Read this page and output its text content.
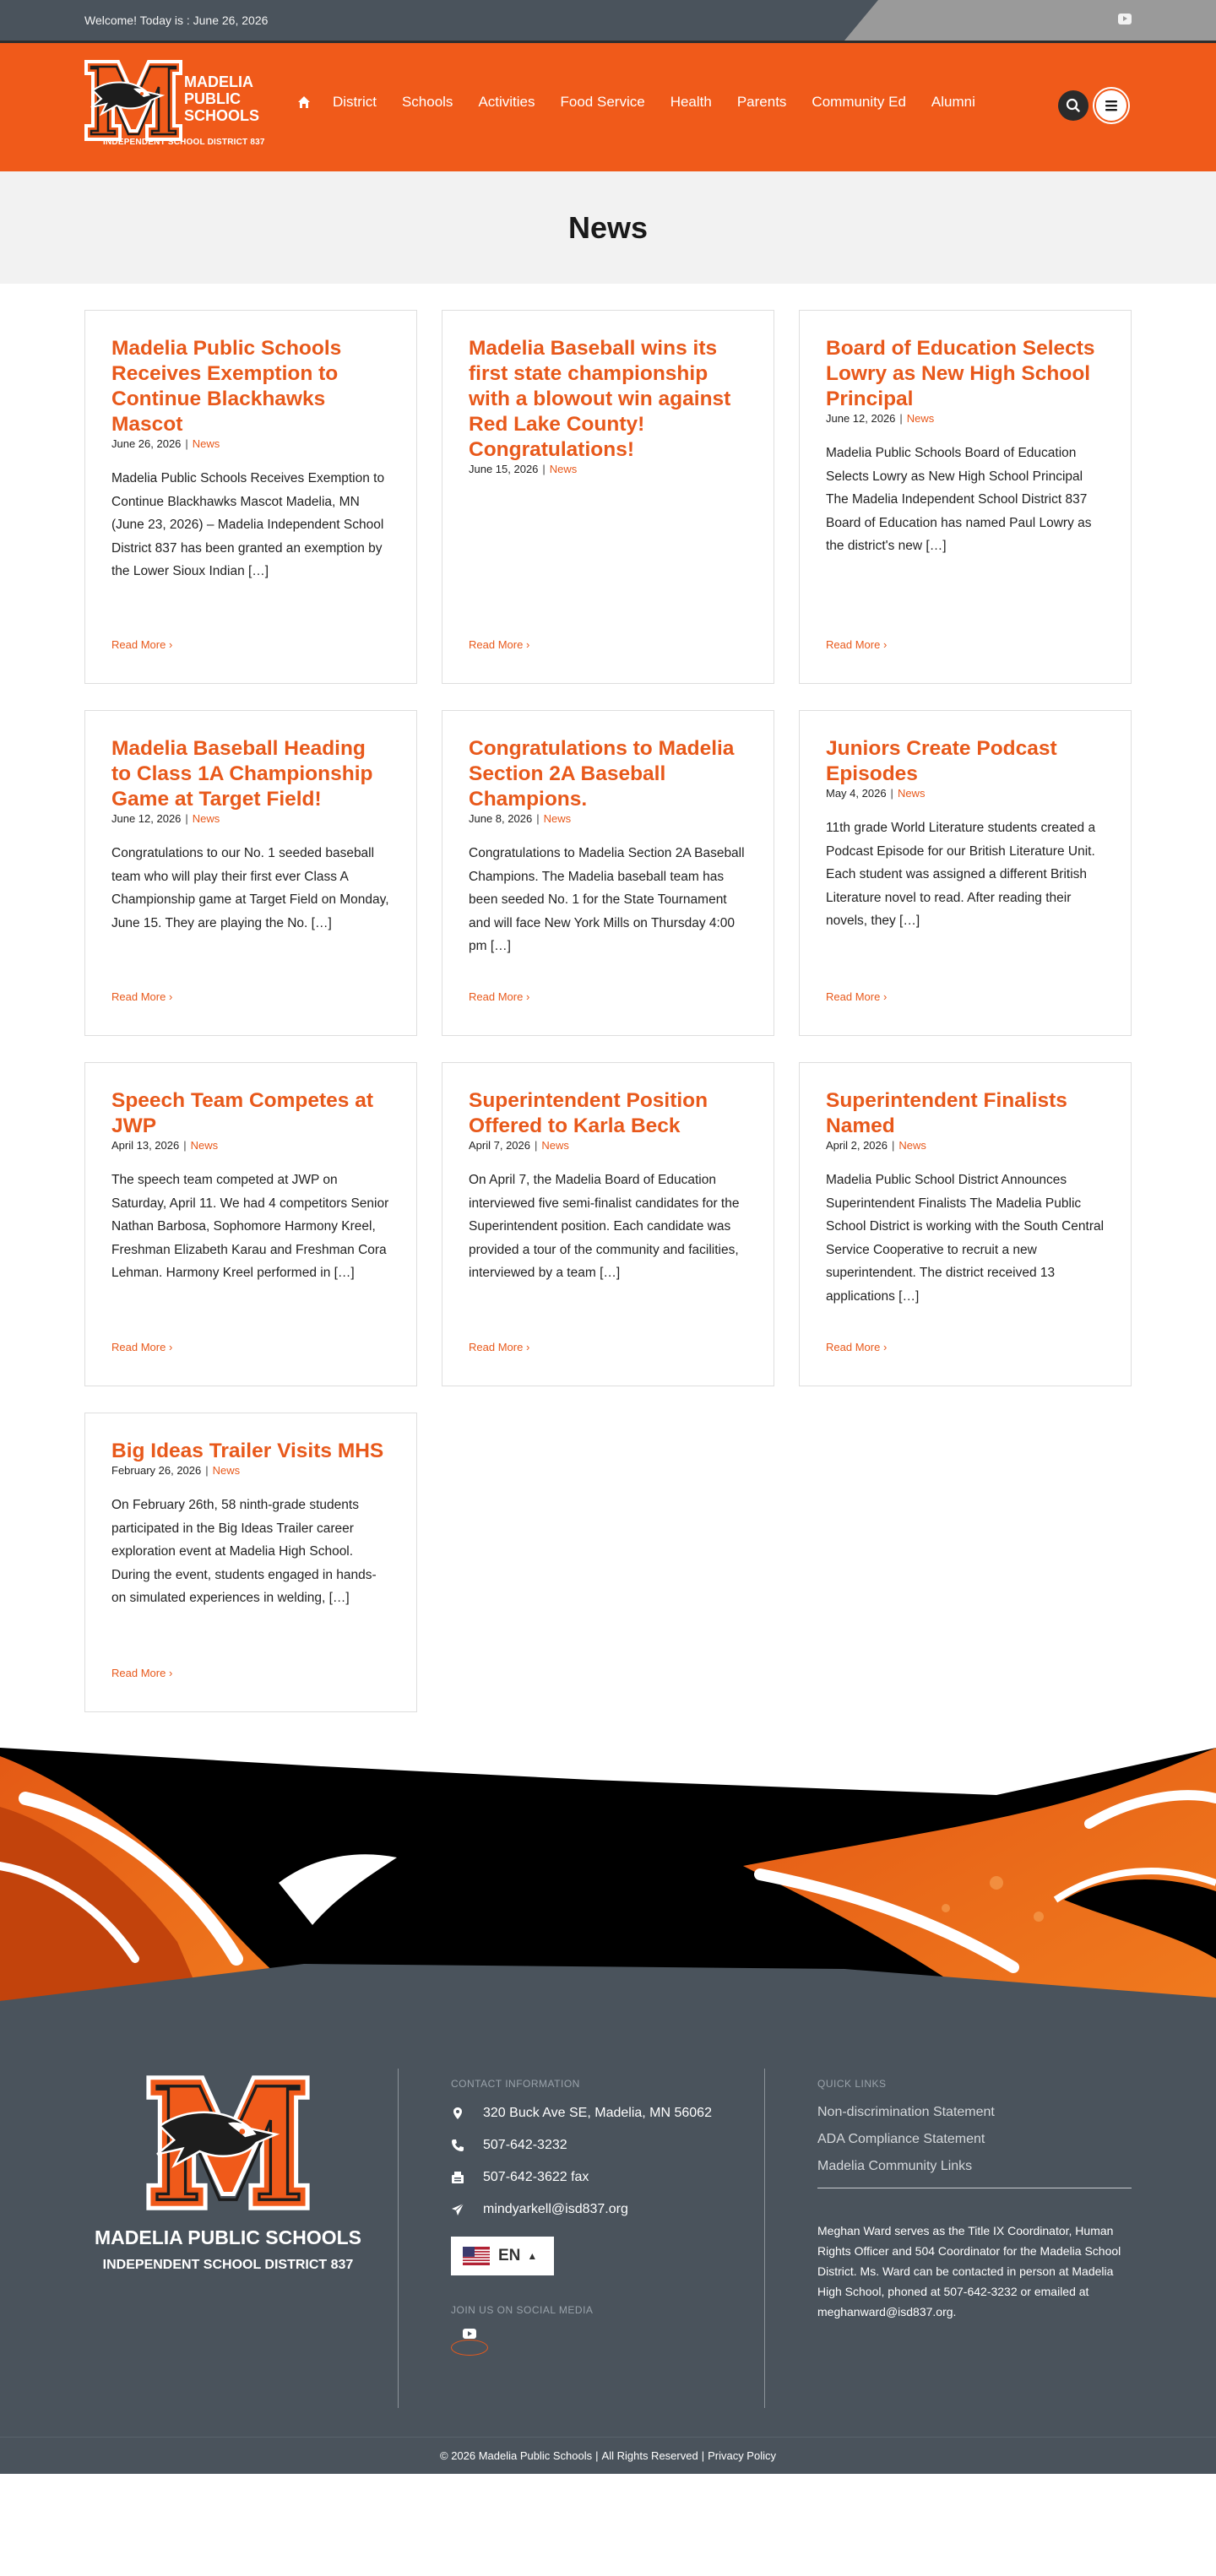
Welcome! Today is : June 26, 2026
MADELIA
PUBLIC
SCHOOLS
INDEPENDENT SCHOOL DISTRICT 837
District Schools Activities Food Service Health Parents Community Ed Alumni
News
Madelia Public Schools Receives Exemption to Continue Blackhawks Mascot
June 26, 2026 | News
Madelia Public Schools Receives Exemption to Continue Blackhawks Mascot Madelia, MN (June 23, 2026) – Madelia Independent School District 837 has been granted an exemption by the Lower Sioux Indian […]
Read More ›
Madelia Baseball wins its first state championship with a blowout win against Red Lake County! Congratulations!
June 15, 2026 | News
Read More ›
Board of Education Selects Lowry as New High School Principal
June 12, 2026 | News
Madelia Public Schools Board of Education Selects Lowry as New High School Principal The Madelia Independent School District 837 Board of Education has named Paul Lowry as the district's new […]
Read More ›
Madelia Baseball Heading to Class 1A Championship Game at Target Field!
June 12, 2026 | News
Congratulations to our No. 1 seeded baseball team who will play their first ever Class A Championship game at Target Field on Monday, June 15. They are playing the No. […]
Read More ›
Congratulations to Madelia Section 2A Baseball Champions.
June 8, 2026 | News
Congratulations to Madelia Section 2A Baseball Champions. The Madelia baseball team has been seeded No. 1 for the State Tournament and will face New York Mills on Thursday 4:00 pm […]
Read More ›
Juniors Create Podcast Episodes
May 4, 2026 | News
11th grade World Literature students created a Podcast Episode for our British Literature Unit. Each student was assigned a different British Literature novel to read. After reading their novels, they […]
Read More ›
Speech Team Competes at JWP
April 13, 2026 | News
The speech team competed at JWP on Saturday, April 11. We had 4 competitors Senior Nathan Barbosa, Sophomore Harmony Kreel, Freshman Elizabeth Karau and Freshman Cora Lehman. Harmony Kreel performed in […]
Read More ›
Superintendent Position Offered to Karla Beck
April 7, 2026 | News
On April 7, the Madelia Board of Education interviewed five semi-finalist candidates for the Superintendent position. Each candidate was provided a tour of the community and facilities, interviewed by a team […]
Read More ›
Superintendent Finalists Named
April 2, 2026 | News
Madelia Public School District Announces Superintendent Finalists The Madelia Public School District is working with the South Central Service Cooperative to recruit a new superintendent. The district received 13 applications […]
Read More ›
Big Ideas Trailer Visits MHS
February 26, 2026 | News
On February 26th, 58 ninth-grade students participated in the Big Ideas Trailer career exploration event at Madelia High School. During the event, students engaged in hands-on simulated experiences in welding, […]
Read More ›
MADELIA PUBLIC SCHOOLS
INDEPENDENT SCHOOL DISTRICT 837
CONTACT INFORMATION
320 Buck Ave SE, Madelia, MN 56062
507-642-3232
507-642-3622 fax
mindyarkell@isd837.org
EN ▲
JOIN US ON SOCIAL MEDIA
QUICK LINKS
Non-discrimination Statement
ADA Compliance Statement
Madelia Community Links
Meghan Ward serves as the Title IX Coordinator, Human Rights Officer and 504 Coordinator for the Madelia School District. Ms. Ward can be contacted in person at Madelia High School, phoned at 507-642-3232 or emailed at meghanward@isd837.org.
© 2026 Madelia Public Schools | All Rights Reserved | Privacy Policy
